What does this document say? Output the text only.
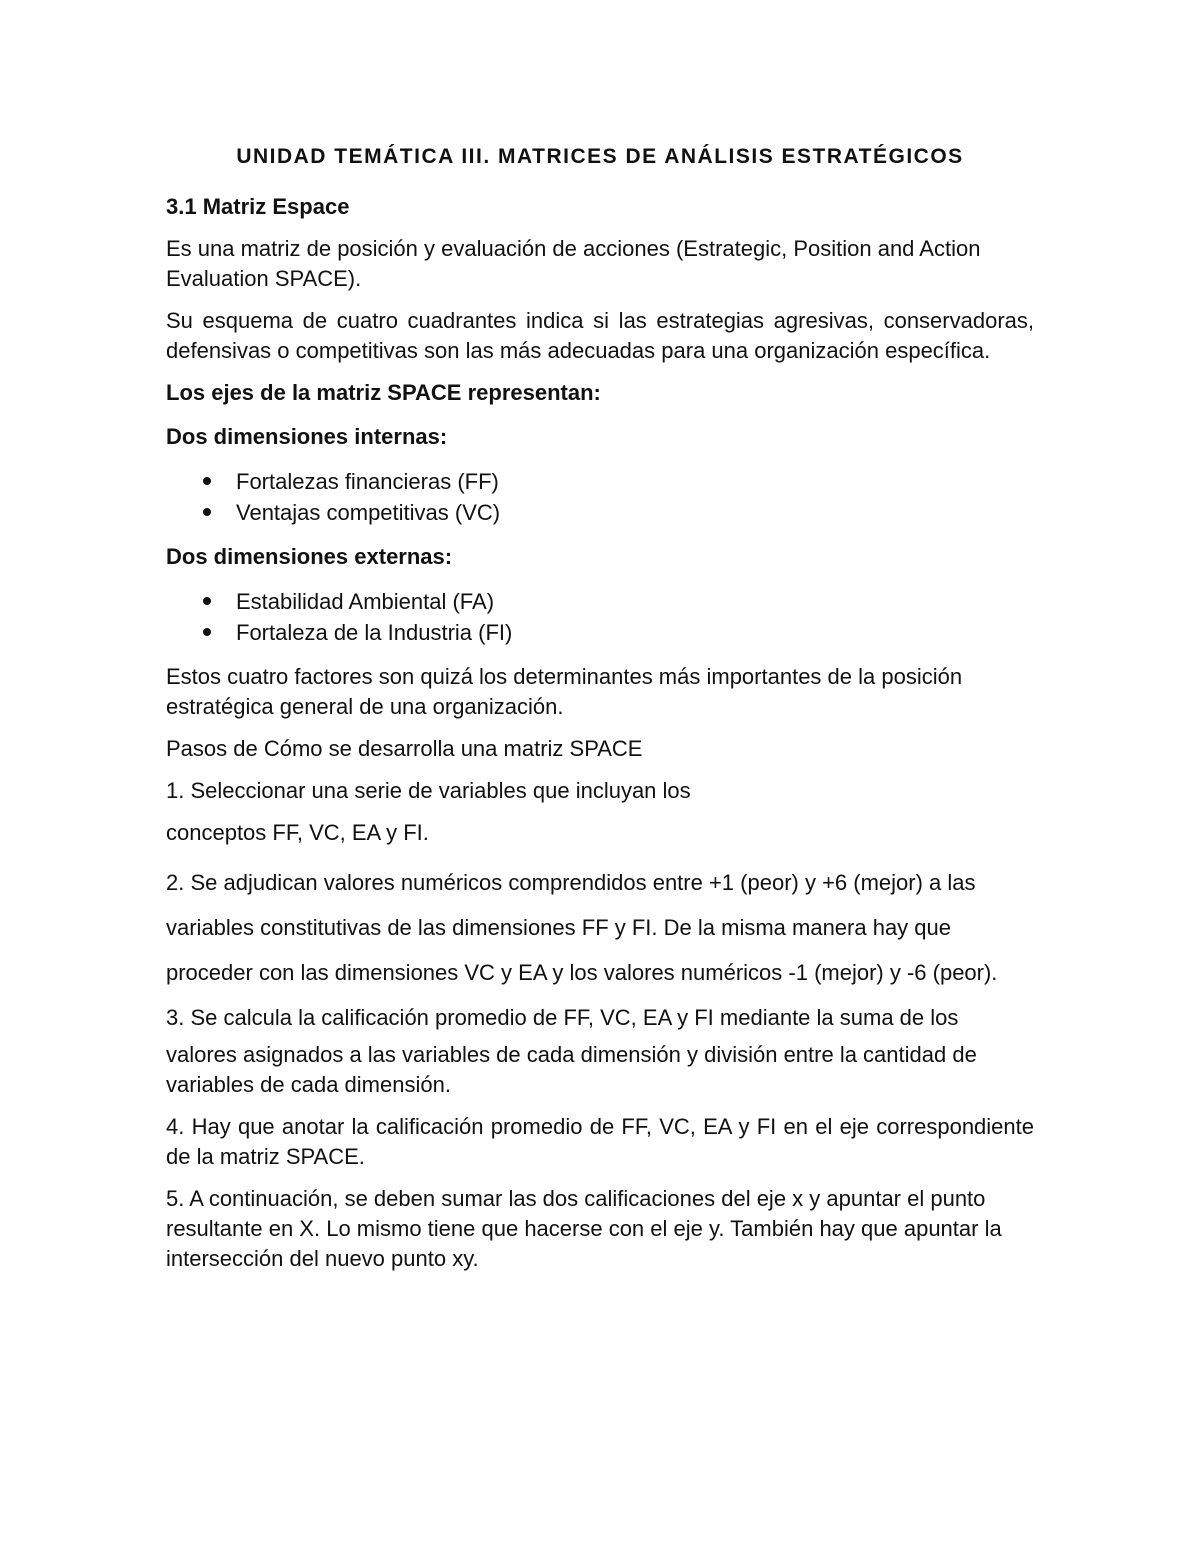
UNIDAD TEMÁTICA III. MATRICES DE ANÁLISIS ESTRATÉGICOS
3.1 Matriz Espace

Es una matriz de posición y evaluación de acciones (Estrategic, Position and Action Evaluation SPACE).

Su esquema de cuatro cuadrantes indica si las estrategias agresivas, conservadoras, defensivas o competitivas son las más adecuadas para una organización específica.

Los ejes de la matriz SPACE representan:

Dos dimensiones internas:

Fortalezas financieras (FF)
Ventajas competitivas (VC)

Dos dimensiones externas:

Estabilidad Ambiental (FA)
Fortaleza de la Industria (FI)

Estos cuatro factores son quizá los determinantes más importantes de la posición estratégica general de una organización.

Pasos de Cómo se desarrolla una matriz SPACE

1. Seleccionar una serie de variables que incluyan los

conceptos FF, VC, EA y FI.

2. Se adjudican valores numéricos comprendidos entre +1 (peor) y +6 (mejor) a las variables constitutivas de las dimensiones FF y FI. De la misma manera hay que proceder con las dimensiones VC y EA y los valores numéricos -1 (mejor) y -6 (peor).

3. Se calcula la calificación promedio de FF, VC, EA y FI mediante la suma de los

valores asignados a las variables de cada dimensión y división entre la cantidad de variables de cada dimensión.

4. Hay que anotar la calificación promedio de FF, VC, EA y FI en el eje correspondiente de la matriz SPACE.

5. A continuación, se deben sumar las dos calificaciones del eje x y apuntar el punto resultante en X. Lo mismo tiene que hacerse con el eje y. También hay que apuntar la intersección del nuevo punto xy.
